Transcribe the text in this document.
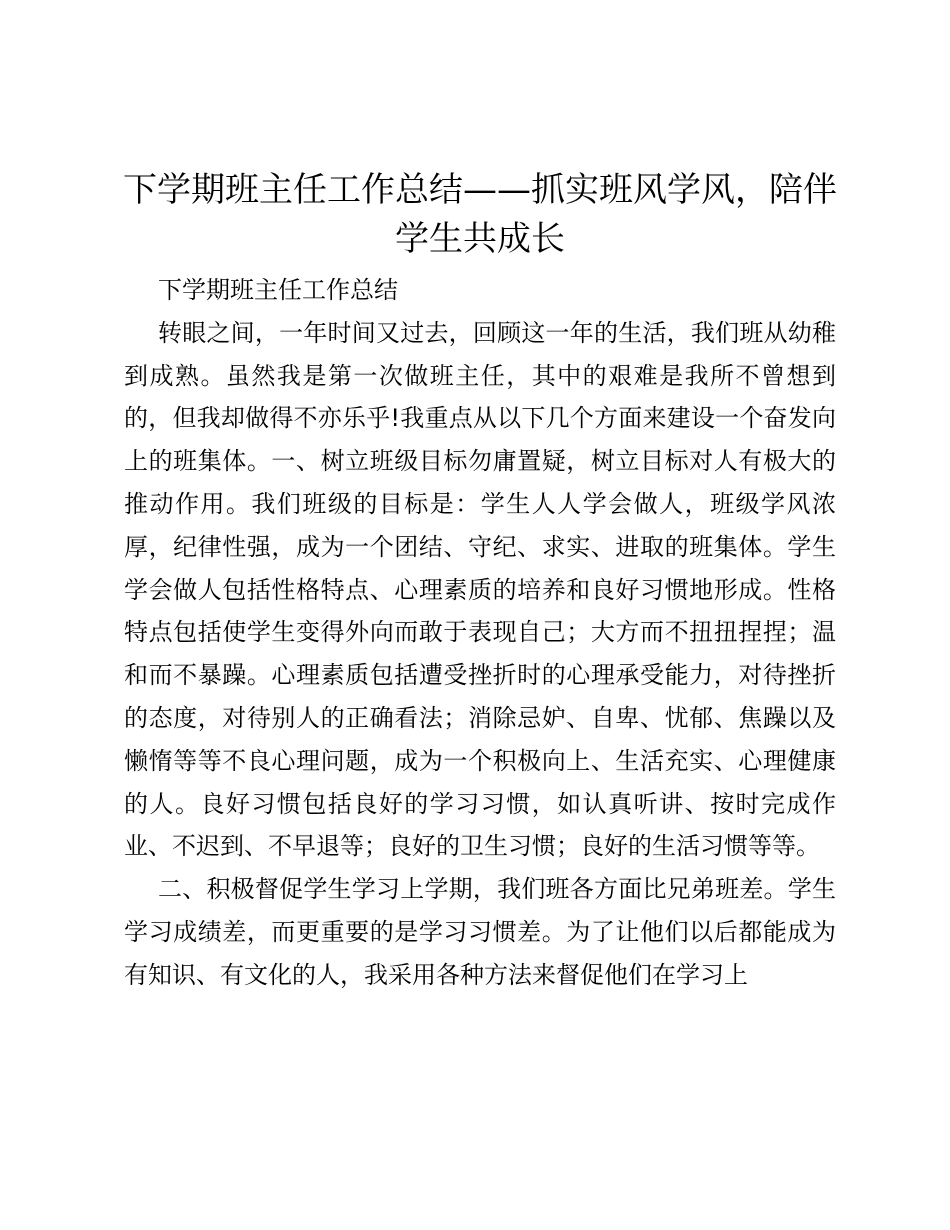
下学期班主任工作总结——抓实班风学风，陪伴学生共成长

下学期班主任工作总结

转眼之间，一年时间又过去，回顾这一年的生活，我们班从幼稚到成熟。虽然我是第一次做班主任，其中的艰难是我所不曾想到的，但我却做得不亦乐乎!我重点从以下几个方面来建设一个奋发向上的班集体。一、树立班级目标勿庸置疑，树立目标对人有极大的推动作用。我们班级的目标是：学生人人学会做人，班级学风浓厚，纪律性强，成为一个团结、守纪、求实、进取的班集体。学生学会做人包括性格特点、心理素质的培养和良好习惯地形成。性格特点包括使学生变得外向而敢于表现自己；大方而不扭扭捏捏；温和而不暴躁。心理素质包括遭受挫折时的心理承受能力，对待挫折的态度，对待别人的正确看法；消除忌妒、自卑、忧郁、焦躁以及懒惰等等不良心理问题，成为一个积极向上、生活充实、心理健康的人。良好习惯包括良好的学习习惯，如认真听讲、按时完成作业、不迟到、不早退等；良好的卫生习惯；良好的生活习惯等等。

二、积极督促学生学习上学期，我们班各方面比兄弟班差。学生学习成绩差，而更重要的是学习习惯差。为了让他们以后都能成为有知识、有文化的人，我采用各种方法来督促他们在学习上
